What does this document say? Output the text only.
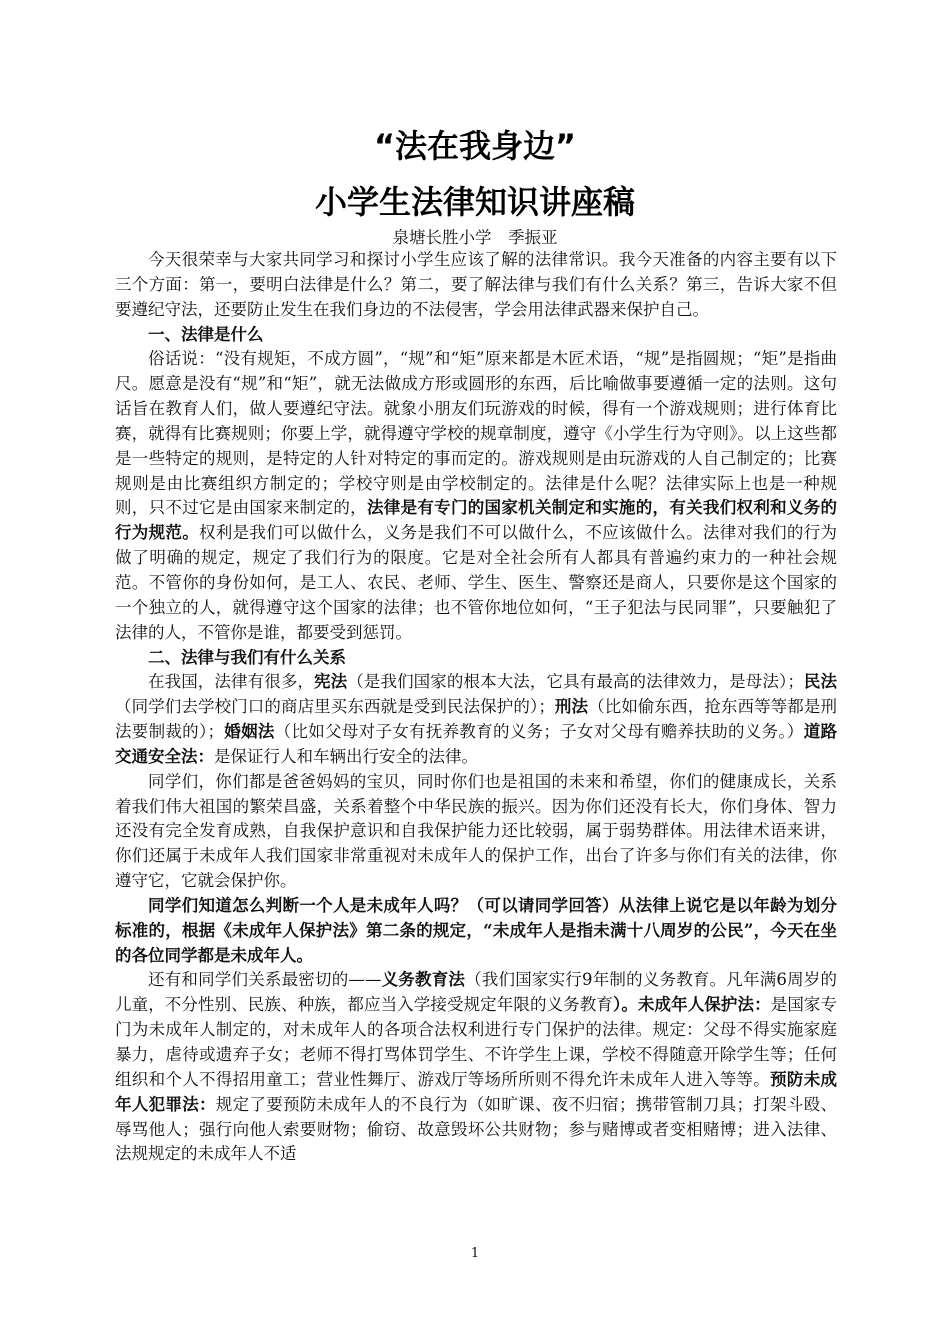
“法在我身边”
小学生法律知识讲座稿
泉塘长胜小学　季振亚

今天很荣幸与大家共同学习和探讨小学生应该了解的法律常识。我今天准备的内容主要有以下三个方面：第一，要明白法律是什么？第二，要了解法律与我们有什么关系？第三，告诉大家不但要遵纪守法，还要防止发生在我们身边的不法侵害，学会用法律武器来保护自己。

一、法律是什么

俗话说：“没有规矩，不成方圆”，“规”和“矩”原来都是木匠术语，“规”是指圆规；“矩”是指曲尺。愿意是没有“规”和“矩”，就无法做成方形或圆形的东西，后比喻做事要遵循一定的法则。这句话旨在教育人们，做人要遵纪守法。就象小朋友们玩游戏的时候，得有一个游戏规则；进行体育比赛，就得有比赛规则；你要上学，就得遵守学校的规章制度，遵守《小学生行为守则》。以上这些都是一些特定的规则，是特定的人针对特定的事而定的。游戏规则是由玩游戏的人自己制定的；比赛规则是由比赛组织方制定的；学校守则是由学校制定的。法律是什么呢？法律实际上也是一种规则，只不过它是由国家来制定的，法律是有专门的国家机关制定和实施的，有关我们权利和义务的行为规范。权利是我们可以做什么，义务是我们不可以做什么，不应该做什么。法律对我们的行为做了明确的规定，规定了我们行为的限度。它是对全社会所有人都具有普遍约束力的一种社会规范。不管你的身份如何，是工人、农民、老师、学生、医生、警察还是商人，只要你是这个国家的一个独立的人，就得遵守这个国家的法律；也不管你地位如何，“王子犯法与民同罪”，只要触犯了法律的人，不管你是谁，都要受到惩罚。

二、法律与我们有什么关系

在我国，法律有很多，宪法（是我们国家的根本大法，它具有最高的法律效力，是母法）；民法（同学们去学校门口的商店里买东西就是受到民法保护的）；刑法（比如偷东西，抢东西等等都是刑法要制裁的）；婚姻法（比如父母对子女有抚养教育的义务；子女对父母有赡养扶助的义务。）道路交通安全法：是保证行人和车辆出行安全的法律。

同学们，你们都是爸爸妈妈的宝贝，同时你们也是祖国的未来和希望，你们的健康成长，关系着我们伟大祖国的繁荣昌盛，关系着整个中华民族的振兴。因为你们还没有长大，你们身体、智力还没有完全发育成熟，自我保护意识和自我保护能力还比较弱，属于弱势群体。用法律术语来讲，你们还属于未成年人我们国家非常重视对未成年人的保护工作，出台了许多与你们有关的法律，你遵守它，它就会保护你。

同学们知道怎么判断一个人是未成年人吗？（可以请同学回答）从法律上说它是以年龄为划分标准的，根据《未成年人保护法》第二条的规定，“未成年人是指未满十八周岁的公民”，今天在坐的各位同学都是未成年人。

还有和同学们关系最密切的——义务教育法（我们国家实行9年制的义务教育。凡年满6周岁的儿童，不分性别、民族、种族，都应当入学接受规定年限的义务教育）。未成年人保护法：是国家专门为未成年人制定的，对未成年人的各项合法权利进行专门保护的法律。规定：父母不得实施家庭暴力，虐待或遗弃子女；老师不得打骂体罚学生、不许学生上课，学校不得随意开除学生等；任何组织和个人不得招用童工；营业性舞厅、游戏厅等场所所则不得允许未成年人进入等等。预防未成年人犯罪法：规定了要预防未成年人的不良行为（如旷课、夜不归宿；携带管制刀具；打架斗殴、辱骂他人；强行向他人索要财物；偷窃、故意毁坏公共财物；参与赌博或者变相赌博；进入法律、法规规定的未成年人不适

1
